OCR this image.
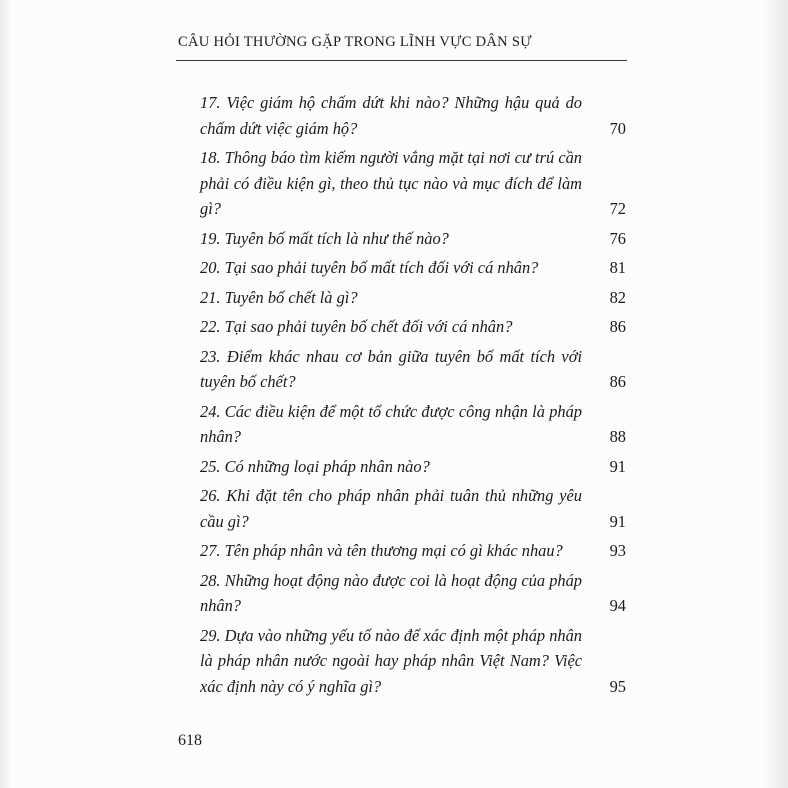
CÂU HỎI THƯỜNG GẶP TRONG LĨNH VỰC DÂN SỰ
17. Việc giám hộ chấm dứt khi nào? Những hậu quả do chấm dứt việc giám hộ?	70
18. Thông báo tìm kiếm người vắng mặt tại nơi cư trú cần phải có điều kiện gì, theo thủ tục nào và mục đích để làm gì?	72
19. Tuyên bố mất tích là như thế nào?	76
20. Tại sao phải tuyên bố mất tích đối với cá nhân?	81
21. Tuyên bố chết là gì?	82
22. Tại sao phải tuyên bố chết đối với cá nhân?	86
23. Điểm khác nhau cơ bản giữa tuyên bố mất tích với tuyên bố chết?	86
24. Các điều kiện để một tổ chức được công nhận là pháp nhân?	88
25. Có những loại pháp nhân nào?	91
26. Khi đặt tên cho pháp nhân phải tuân thủ những yêu cầu gì?	91
27. Tên pháp nhân và tên thương mại có gì khác nhau?	93
28. Những hoạt động nào được coi là hoạt động của pháp nhân?	94
29. Dựa vào những yếu tố nào để xác định một pháp nhân là pháp nhân nước ngoài hay pháp nhân Việt Nam? Việc xác định này có ý nghĩa gì?	95
618
